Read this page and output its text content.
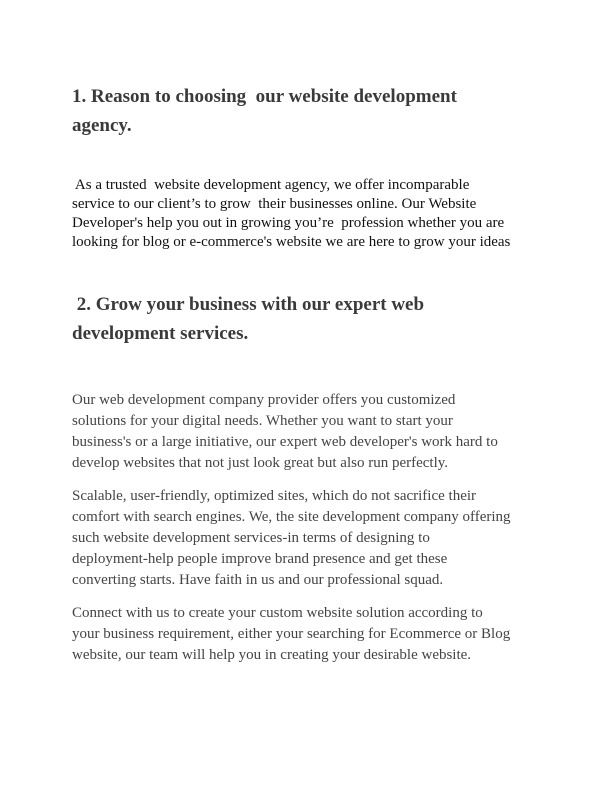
1. Reason to choosing  our website development
agency.

As a trusted  website development agency, we offer incomparable
service to our client’s to grow  their businesses online. Our Website
Developer's help you out in growing you’re  profession whether you are
looking for blog or e-commerce's website we are here to grow your ideas

2. Grow your business with our expert web
development services.

Our web development company provider offers you customized
solutions for your digital needs. Whether you want to start your
business's or a large initiative, our expert web developer's work hard to
develop websites that not just look great but also run perfectly.

Scalable, user-friendly, optimized sites, which do not sacrifice their
comfort with search engines. We, the site development company offering
such website development services-in terms of designing to
deployment-help people improve brand presence and get these
converting starts. Have faith in us and our professional squad.

Connect with us to create your custom website solution according to
your business requirement, either your searching for Ecommerce or Blog
website, our team will help you in creating your desirable website.
